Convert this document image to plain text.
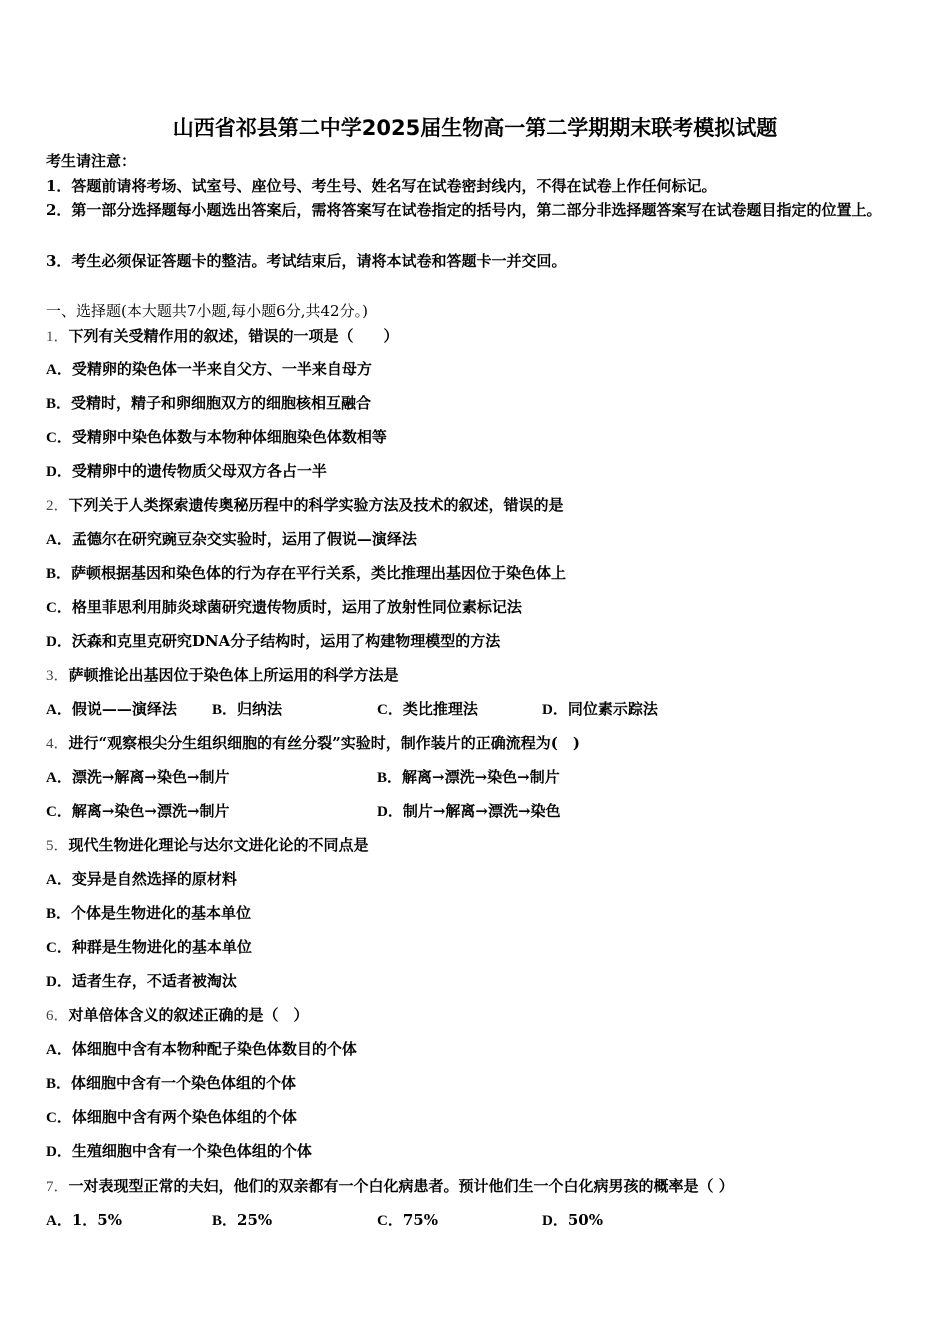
山西省祁县第二中学2025届生物高一第二学期期末联考模拟试题
考生请注意：
1．答题前请将考场、试室号、座位号、考生号、姓名写在试卷密封线内，不得在试卷上作任何标记。
2．第一部分选择题每小题选出答案后，需将答案写在试卷指定的括号内，第二部分非选择题答案写在试卷题目指定的位置上。
3．考生必须保证答题卡的整洁。考试结束后，请将本试卷和答题卡一并交回。
一、选择题(本大题共7小题,每小题6分,共42分。)
1．下列有关受精作用的叙述，错误的一项是（　　）
A．受精卵的染色体一半来自父方、一半来自母方
B．受精时，精子和卵细胞双方的细胞核相互融合
C．受精卵中染色体数与本物种体细胞染色体数相等
D．受精卵中的遗传物质父母双方各占一半
2．下列关于人类探索遗传奥秘历程中的科学实验方法及技术的叙述，错误的是
A．孟德尔在研究豌豆杂交实验时，运用了假说—演绎法
B．萨顿根据基因和染色体的行为存在平行关系，类比推理出基因位于染色体上
C．格里菲思利用肺炎球菌研究遗传物质时，运用了放射性同位素标记法
D．沃森和克里克研究DNA分子结构时，运用了构建物理模型的方法
3．萨顿推论出基因位于染色体上所运用的科学方法是
A．假说——演绎法 B．归纳法	C．类比推理法	D．同位素示踪法
4．进行“观察根尖分生组织细胞的有丝分裂”实验时，制作装片的正确流程为(　)
A．漂洗→解离→染色→制片	B．解离→漂洗→染色→制片
C．解离→染色→漂洗→制片	D．制片→解离→漂洗→染色
5．现代生物进化理论与达尔文进化论的不同点是
A．变异是自然选择的原材料
B．个体是生物进化的基本单位
C．种群是生物进化的基本单位
D．适者生存，不适者被淘汰
6．对单倍体含义的叙述正确的是（　）
A．体细胞中含有本物种配子染色体数目的个体
B．体细胞中含有一个染色体组的个体
C．体细胞中含有两个染色体组的个体
D．生殖细胞中含有一个染色体组的个体
7．一对表现型正常的夫妇，他们的双亲都有一个白化病患者。预计他们生一个白化病男孩的概率是（ ）
A．1．5%	B．25%	C．75%	D．50%
